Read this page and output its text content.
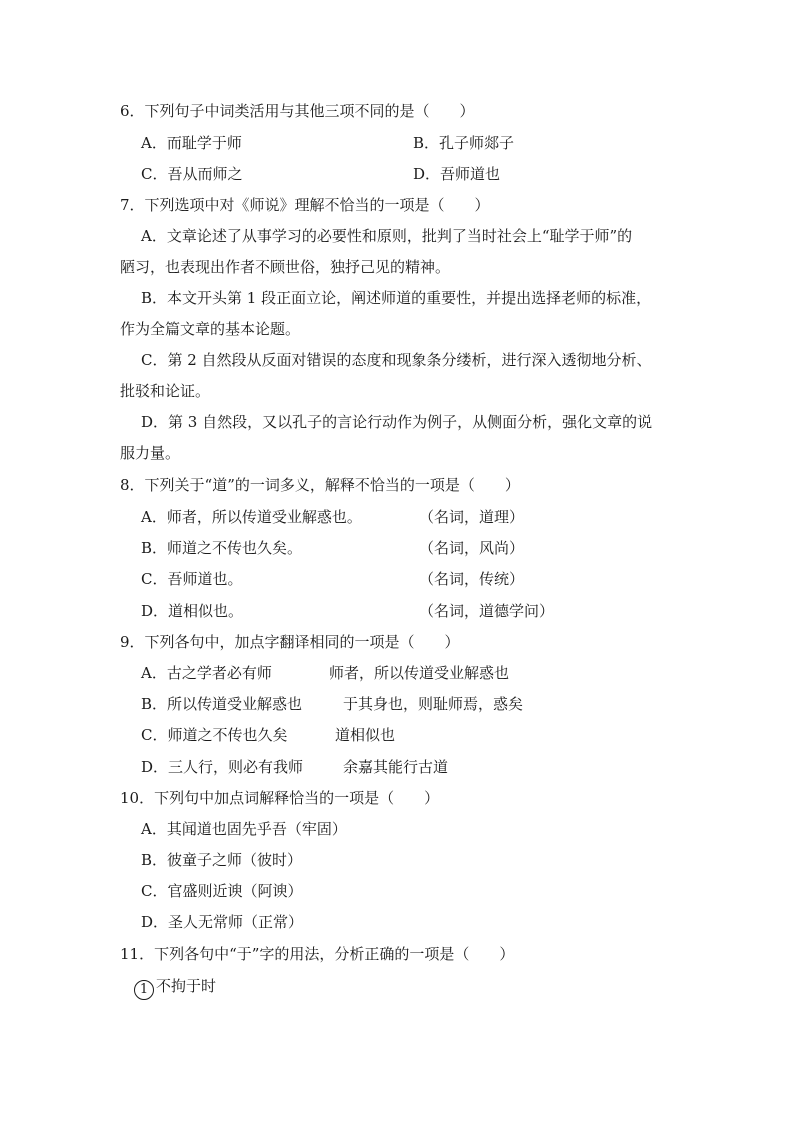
6．下列句子中词类活用与其他三项不同的是（　　）
A．而耻学于师	B．孔子师郯子
C．吾从而师之	D．吾师道也
7．下列选项中对《师说》理解不恰当的一项是（　　）
A．文章论述了从事学习的必要性和原则，批判了当时社会上“耻学于师”的
陋习，也表现出作者不顾世俗，独抒己见的精神。
B．本文开头第 1 段正面立论，阐述师道的重要性，并提出选择老师的标准，
作为全篇文章的基本论题。
C．第 2 自然段从反面对错误的态度和现象条分缕析，进行深入透彻地分析、
批驳和论证。
D．第 3 自然段，又以孔子的言论行动作为例子，从侧面分析，强化文章的说
服力量。
8．下列关于“道”的一词多义，解释不恰当的一项是（　　）
A．师者，所以传道受业解惑也。	（名词，道理）
B．师道之不传也久矣。	（名词，风尚）
C．吾师道也。	（名词，传统）
D．道相似也。	（名词，道德学问）
9．下列各句中，加点字翻译相同的一项是（　　）
A．古之学者必有师	师者，所以传道受业解惑也
B．所以传道受业解惑也	于其身也，则耻师焉，惑矣
C．师道之不传也久矣	道相似也
D．三人行，则必有我师	余嘉其能行古道
10．下列句中加点词解释恰当的一项是（　　）
A．其闻道也固先乎吾（牢固）
B．彼童子之师（彼时）
C．官盛则近谀（阿谀）
D．圣人无常师（正常）
11．下列各句中“于”字的用法，分析正确的一项是（　　）
1 不拘于时
